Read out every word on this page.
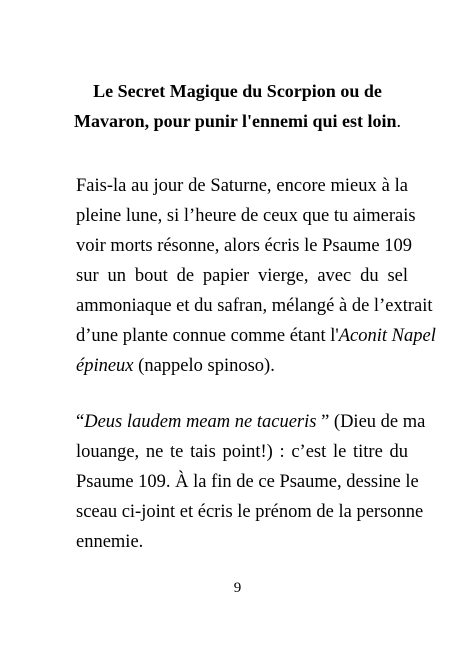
Le Secret Magique du Scorpion ou de
Mavaron, pour punir l'ennemi qui est loin.

Fais-la au jour de Saturne, encore mieux à la
pleine lune, si l’heure de ceux que tu aimerais
voir morts résonne, alors écris le Psaume 109
sur un bout de papier vierge, avec du sel
ammoniaque et du safran, mélangé à de l’extrait
d’une plante connue comme étant l'Aconit Napel
épineux (nappelo spinoso).

“Deus laudem meam ne tacueris ” (Dieu de ma
louange, ne te tais point!) : c’est le titre du
Psaume 109. À la fin de ce Psaume, dessine le
sceau ci-joint et écris le prénom de la personne
ennemie.

9
